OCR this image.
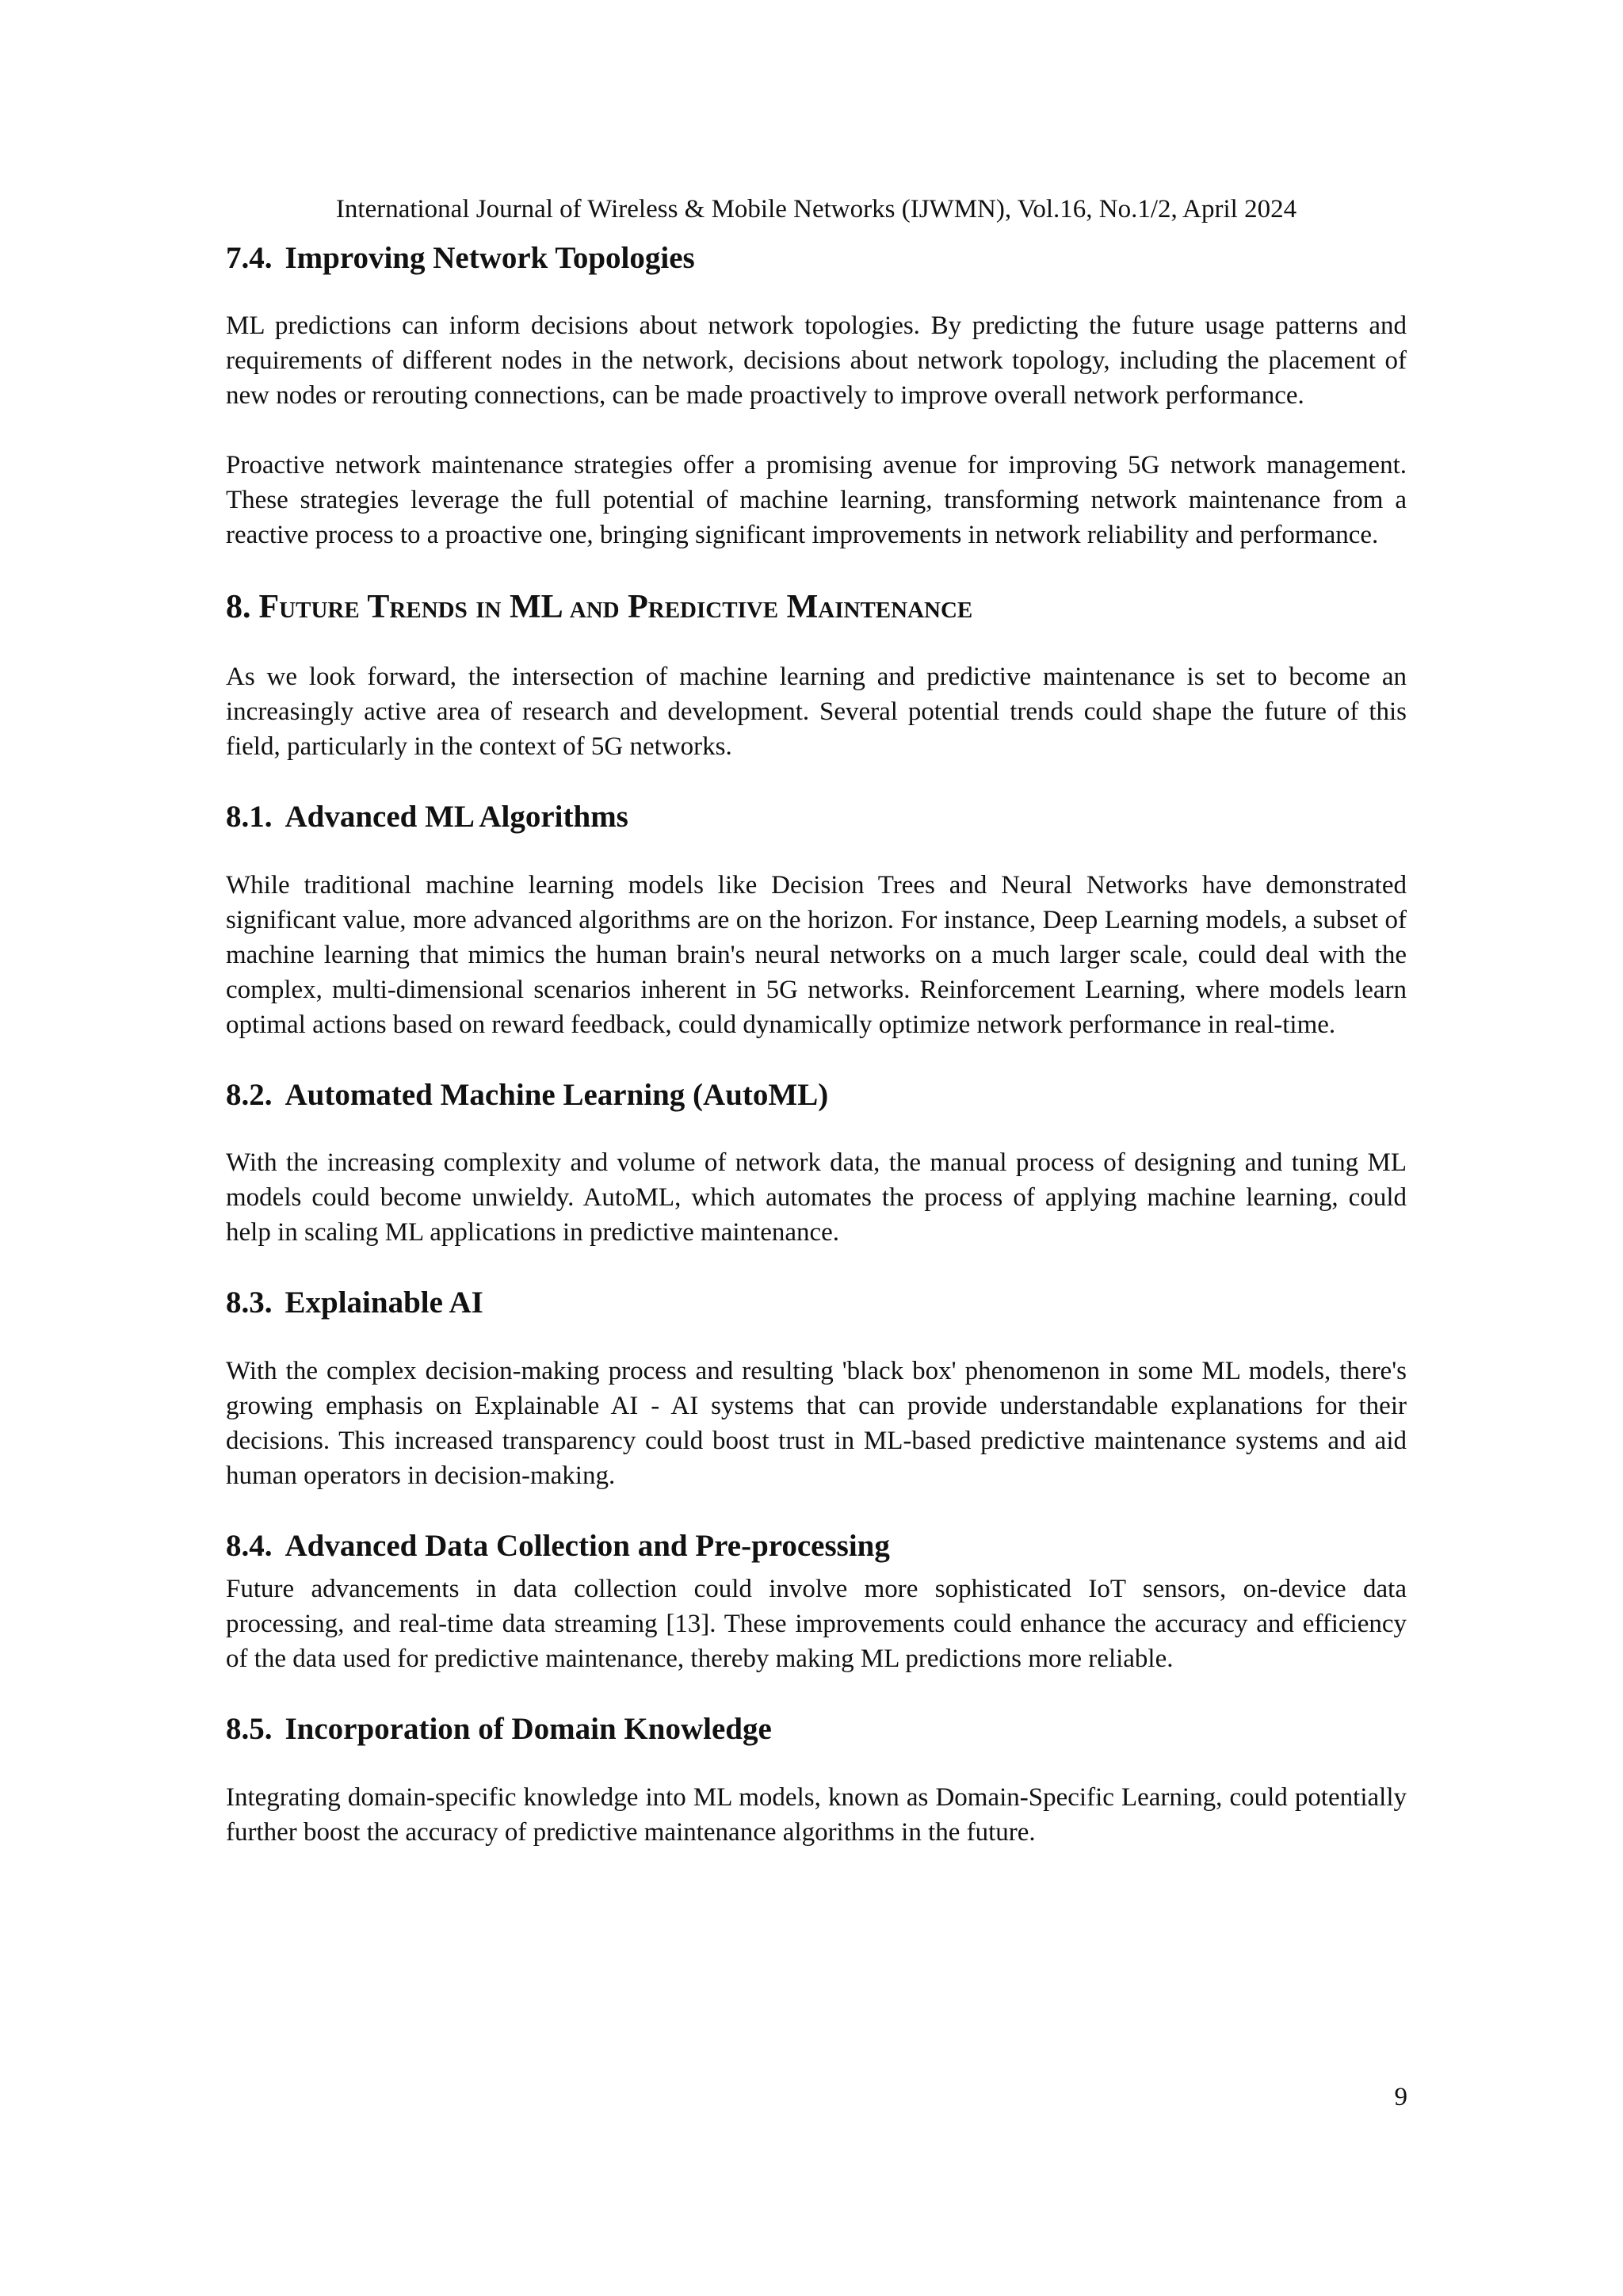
International Journal of Wireless & Mobile Networks (IJWMN), Vol.16, No.1/2, April 2024
7.4. Improving Network Topologies

ML predictions can inform decisions about network topologies. By predicting the future usage patterns and requirements of different nodes in the network, decisions about network topology, including the placement of new nodes or rerouting connections, can be made proactively to improve overall network performance.

Proactive network maintenance strategies offer a promising avenue for improving 5G network management. These strategies leverage the full potential of machine learning, transforming network maintenance from a reactive process to a proactive one, bringing significant improvements in network reliability and performance.

8. Future Trends in ML and Predictive Maintenance

As we look forward, the intersection of machine learning and predictive maintenance is set to become an increasingly active area of research and development. Several potential trends could shape the future of this field, particularly in the context of 5G networks.

8.1. Advanced ML Algorithms

While traditional machine learning models like Decision Trees and Neural Networks have demonstrated significant value, more advanced algorithms are on the horizon. For instance, Deep Learning models, a subset of machine learning that mimics the human brain's neural networks on a much larger scale, could deal with the complex, multi-dimensional scenarios inherent in 5G networks. Reinforcement Learning, where models learn optimal actions based on reward feedback, could dynamically optimize network performance in real-time.

8.2. Automated Machine Learning (AutoML)

With the increasing complexity and volume of network data, the manual process of designing and tuning ML models could become unwieldy. AutoML, which automates the process of applying machine learning, could help in scaling ML applications in predictive maintenance.

8.3. Explainable AI

With the complex decision-making process and resulting 'black box' phenomenon in some ML models, there's growing emphasis on Explainable AI - AI systems that can provide understandable explanations for their decisions. This increased transparency could boost trust in ML-based predictive maintenance systems and aid human operators in decision-making.

8.4. Advanced Data Collection and Pre-processing

Future advancements in data collection could involve more sophisticated IoT sensors, on-device data processing, and real-time data streaming [13]. These improvements could enhance the accuracy and efficiency of the data used for predictive maintenance, thereby making ML predictions more reliable.

8.5. Incorporation of Domain Knowledge

Integrating domain-specific knowledge into ML models, known as Domain-Specific Learning, could potentially further boost the accuracy of predictive maintenance algorithms in the future.

9
